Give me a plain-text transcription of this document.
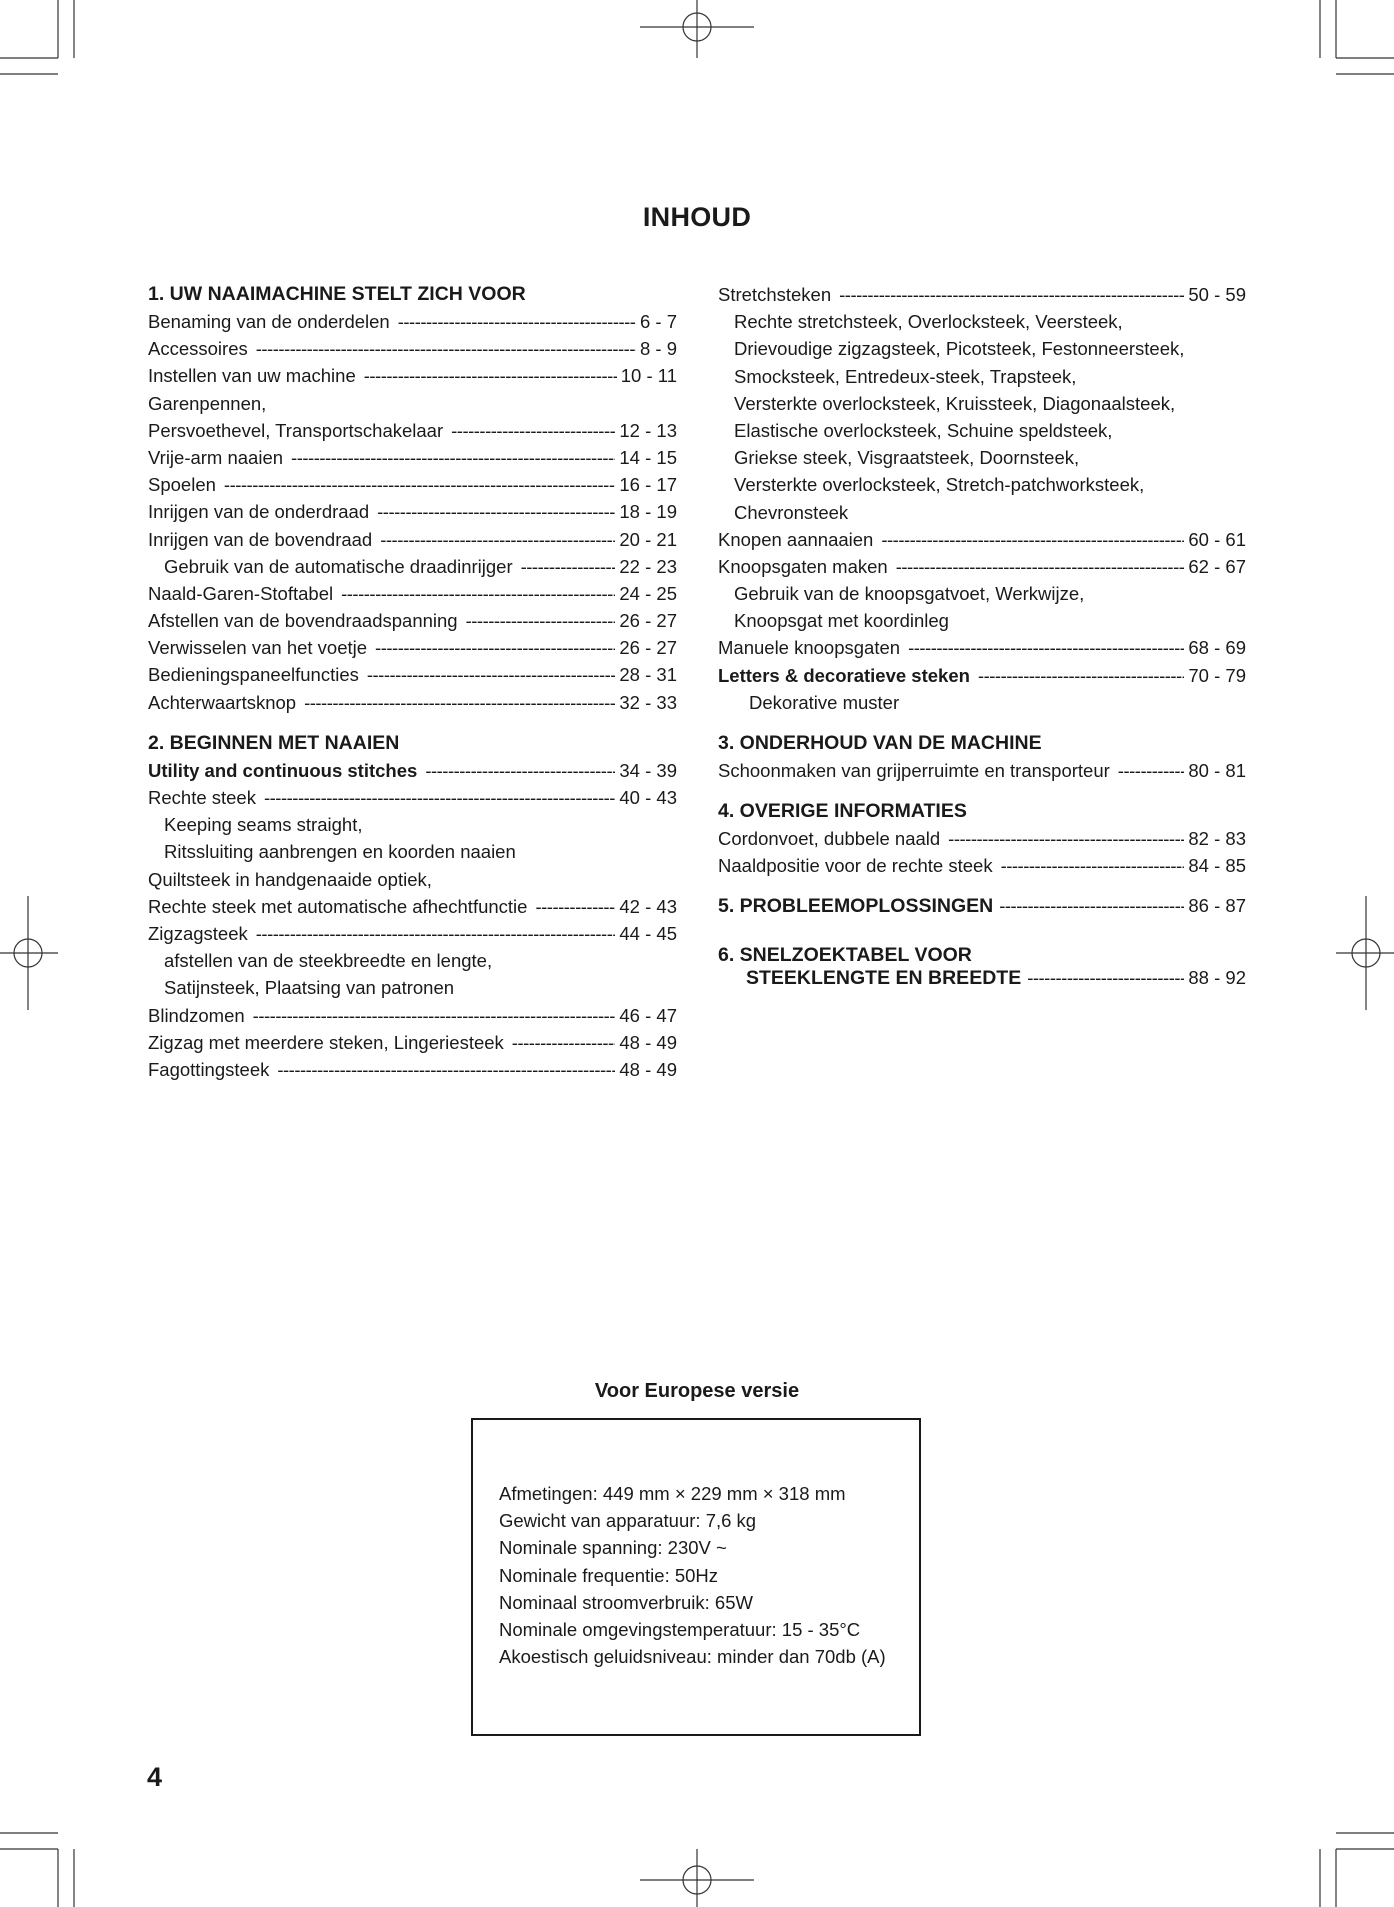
INHOUD
1. UW NAAIMACHINE STELT ZICH VOOR
Benaming van de onderdelen -----	6 - 7
Accessoires -----	8 - 9
Instellen van uw machine -----	10 - 11
Garenpennen,
Persvoethevel, Transportschakelaar -----	12 - 13
Vrije-arm naaien -----	14 - 15
Spoelen -----	16 - 17
Inrijgen van de onderdraad -----	18 - 19
Inrijgen van de bovendraad -----	20 - 21
Gebruik van de automatische draadinrijger -----	22 - 23
Naald-Garen-Stoftabel -----	24 - 25
Afstellen van de bovendraadspanning -----	26 - 27
Verwisselen van het voetje -----	26 - 27
Bedieningspaneelfuncties -----	28 - 31
Achterwaartsknop -----	32 - 33
2. BEGINNEN MET NAAIEN
Utility and continuous stitches -----	34 - 39
Rechte steek -----	40 - 43
Keeping seams straight,
Ritssluiting aanbrengen en koorden naaien
Quiltsteek in handgenaaide optiek,
Rechte steek met automatische afhechtfunctie -----	42 - 43
Zigzagsteek -----	44 - 45
afstellen van de steekbreedte en lengte,
Satijnsteek, Plaatsing van patronen
Blindzomen -----	46 - 47
Zigzag met meerdere steken, Lingeriesteek -----	48 - 49
Fagottingsteek -----	48 - 49
Stretchsteken -----	50 - 59
Rechte stretchsteek, Overlocksteek, Veersteek,
Drievoudige zigzagsteek, Picotsteek, Festonneersteek,
Smocksteek, Entredeux-steek, Trapsteek,
Versterkte overlocksteek, Kruissteek, Diagonaalsteek,
Elastische overlocksteek, Schuine speldsteek,
Griekse steek, Visgraatsteek, Doornsteek,
Versterkte overlocksteek, Stretch-patchworksteek,
Chevronsteek
Knopen aannaaien -----	60 - 61
Knoopsgaten maken -----	62 - 67
Gebruik van de knoopsgatvoet, Werkwijze,
Knoopsgat met koordinleg
Manuele knoopsgaten -----	68 - 69
Letters & decoratieve steken -----	70 - 79
Dekorative muster
3. ONDERHOUD VAN DE MACHINE
Schoonmaken van grijperruimte en transporteur -----	80 - 81
4. OVERIGE INFORMATIES
Cordonvoet, dubbele naald -----	82 - 83
Naaldpositie voor de rechte steek -----	84 - 85
5. PROBLEEMOPLOSSINGEN -----	86 - 87
6. SNELZOEKTABEL VOOR
STEEKLENGTE EN BREEDTE -----	88 - 92
Voor Europese versie
Afmetingen: 449 mm × 229 mm × 318 mm
Gewicht van apparatuur: 7,6 kg
Nominale spanning: 230V ~
Nominale frequentie: 50Hz
Nominaal stroomverbruik: 65W
Nominale omgevingstemperatuur: 15 - 35°C
Akoestisch geluidsniveau: minder dan 70db (A)
4
